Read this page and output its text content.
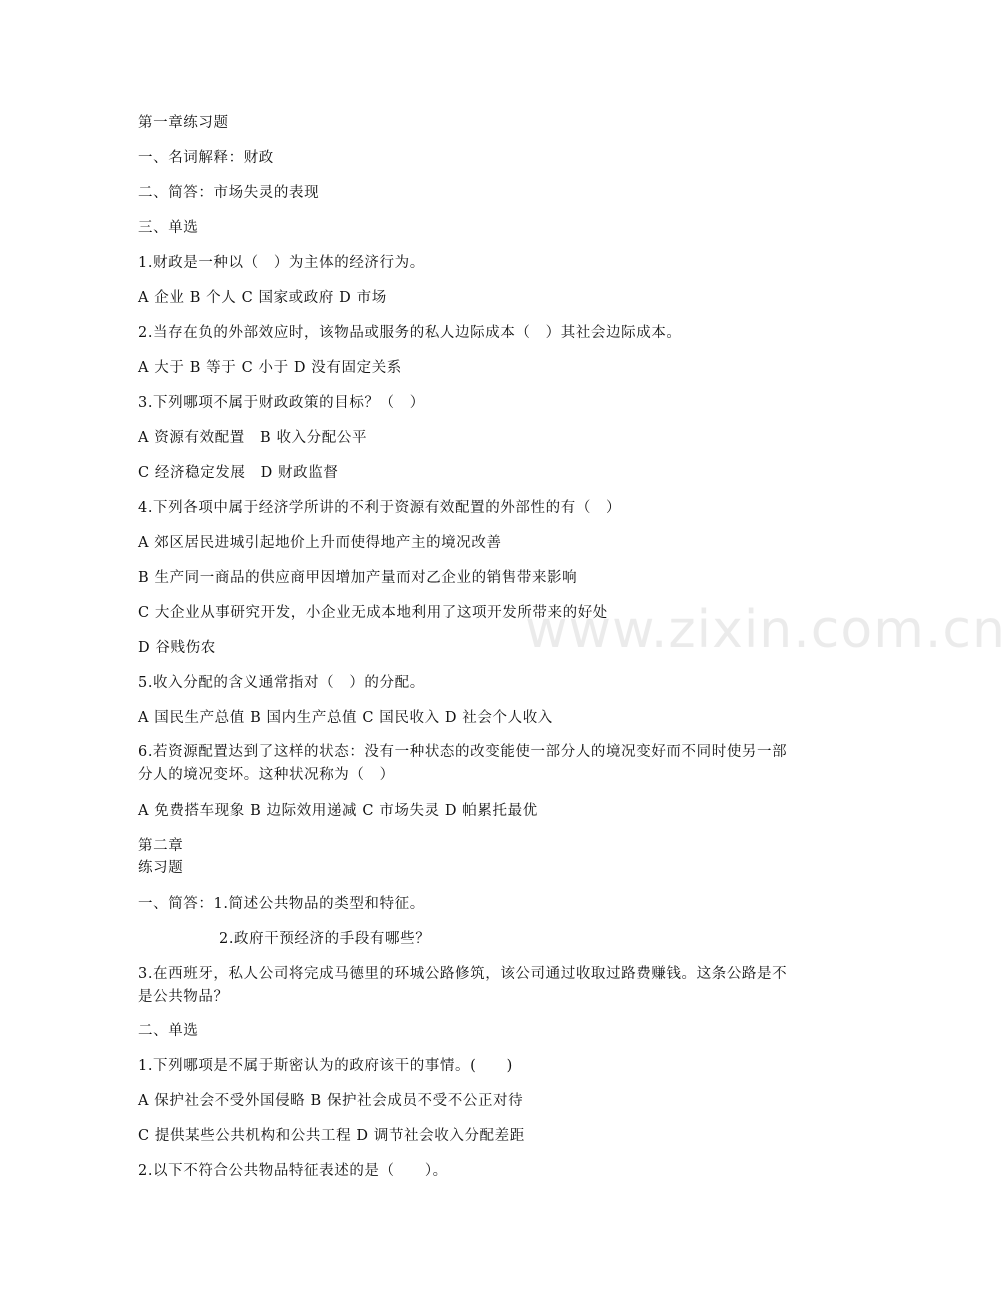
第一章练习题
一、名词解释：财政
二、简答：市场失灵的表现
三、单选
1.财政是一种以（　）为主体的经济行为。
A 企业 B 个人 C 国家或政府 D 市场
2.当存在负的外部效应时，该物品或服务的私人边际成本（　）其社会边际成本。
A 大于 B 等于 C 小于 D 没有固定关系
3.下列哪项不属于财政政策的目标？（　）
A 资源有效配置　B 收入分配公平
C 经济稳定发展　D 财政监督
4.下列各项中属于经济学所讲的不利于资源有效配置的外部性的有（　）
A 郊区居民进城引起地价上升而使得地产主的境况改善
B 生产同一商品的供应商甲因增加产量而对乙企业的销售带来影响
C 大企业从事研究开发，小企业无成本地利用了这项开发所带来的好处
D 谷贱伤农
5.收入分配的含义通常指对（　）的分配。
A 国民生产总值 B 国内生产总值 C 国民收入 D 社会个人收入
6.若资源配置达到了这样的状态：没有一种状态的改变能使一部分人的境况变好而不同时使另一部分人的境况变坏。这种状况称为（　）
A 免费搭车现象 B 边际效用递减 C 市场失灵 D 帕累托最优
第二章
练习题
一、简答：1.简述公共物品的类型和特征。
2.政府干预经济的手段有哪些？
3.在西班牙，私人公司将完成马德里的环城公路修筑，该公司通过收取过路费赚钱。这条公路是不是公共物品？
二、单选
1.下列哪项是不属于斯密认为的政府该干的事情。(　　)
A 保护社会不受外国侵略 B 保护社会成员不受不公正对待
C 提供某些公共机构和公共工程 D 调节社会收入分配差距
2.以下不符合公共物品特征表述的是（　　）。
www.zixin.com.cn
